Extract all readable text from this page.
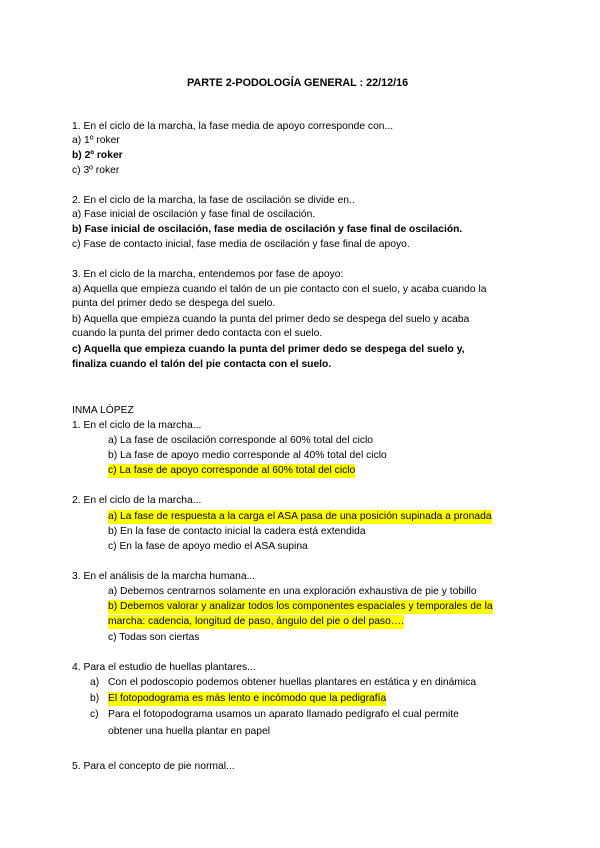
PARTE 2-PODOLOGÍA GENERAL : 22/12/16
1. En el ciclo de la marcha, la fase media de apoyo corresponde con...
a) 1º roker
b) 2º roker
c) 3º roker
2. En el ciclo de la marcha, la fase de oscilación se divide en..
a) Fase inicial de oscilación y fase final de oscilación.
b) Fase inicial de oscilación, fase media de oscilación y fase final de oscilación.
c) Fase de contacto inicial, fase media de oscilación y fase final de apoyo.
3. En el ciclo de la marcha, entendemos por fase de apoyo:
a) Aquella que empieza cuando el talón de un pie contacto con el suelo, y acaba cuando la
punta del primer dedo se despega del suelo.
b) Aquella que empieza cuando la punta del primer dedo se despega del suelo y acaba
cuando la punta del primer dedo contacta con el suelo.
c) Aquella que empieza cuando la punta del primer dedo se despega del suelo y,
finaliza cuando el talón del pie contacta con el suelo.
INMA LÓPEZ
1. En el ciclo de la marcha...
a) La fase de oscilación corresponde al 60% total del ciclo
b) La fase de apoyo medio corresponde al 40% total del ciclo
c) La fase de apoyo corresponde al 60% total del ciclo
2. En el ciclo de la marcha...
a) La fase de respuesta a la carga el ASA pasa de una posición supinada a pronada
b) En la fase de contacto inicial la cadera está extendida
c) En la fase de apoyo medio el ASA supina
3. En el análisis de la marcha humana...
a) Debemos centrarnos solamente en una exploración exhaustiva de pie y tobillo
b) Debemos valorar y analizar todos los componentes espaciales y temporales de la
marcha: cadencia, longitud de paso, ángulo del pie o del paso….
c) Todas son ciertas
4. Para el estudio de huellas plantares...
a) Con el podoscopio podemos obtener huellas plantares en estática y en dinámica
b) El fotopodograma es más lento e incómodo que la pedigrafía
c) Para el fotopodograma usamos un aparato llamado pedígrafo el cual permite
obtener una huella plantar en papel
5. Para el concepto de pie normal...
